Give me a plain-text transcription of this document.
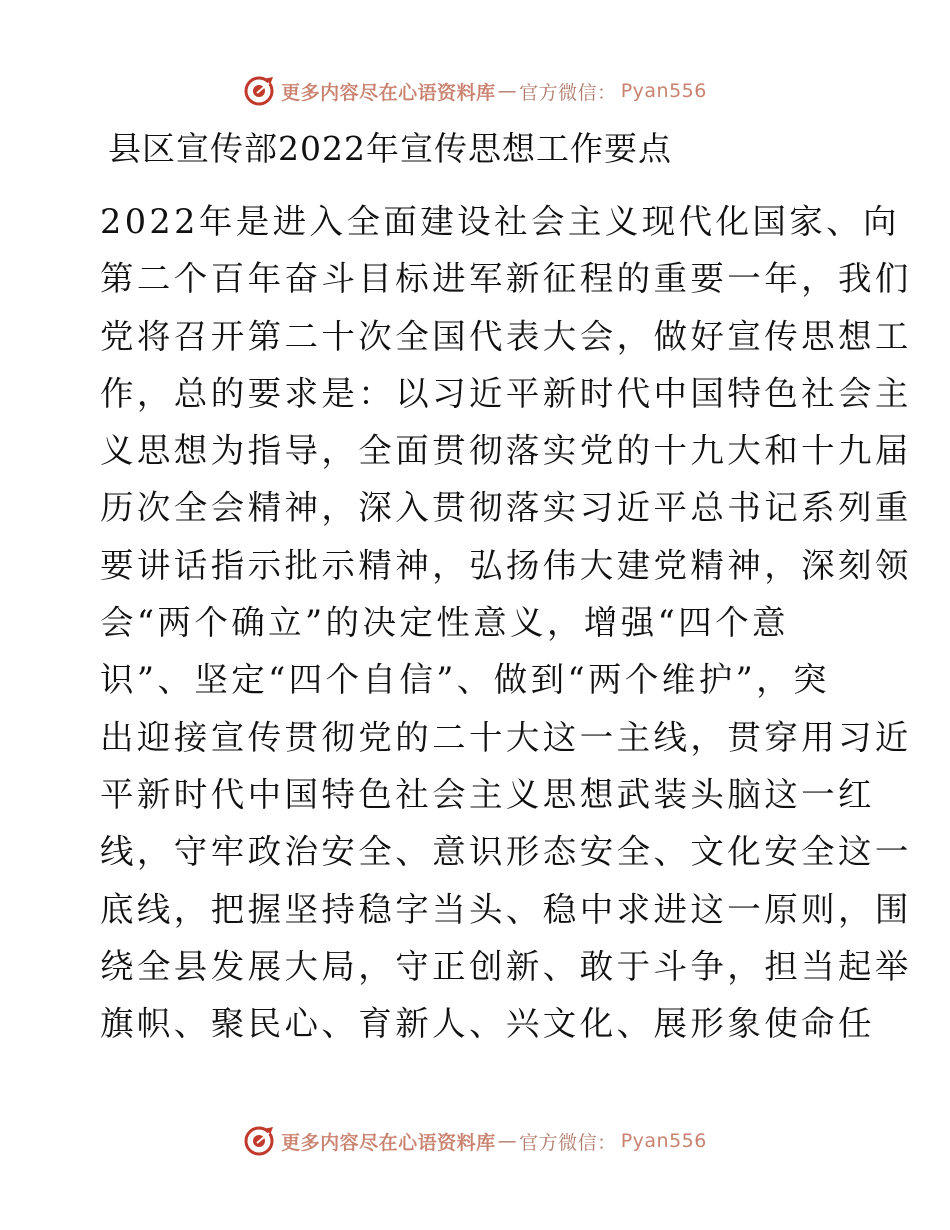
更多内容尽在心语资料库 — 官方微信： Pyan556
县区宣传部2022年宣传思想工作要点
2022年是进入全面建设社会主义现代化国家、向
第二个百年奋斗目标进军新征程的重要一年，我们
党将召开第二十次全国代表大会，做好宣传思想工
作，总的要求是：以习近平新时代中国特色社会主
义思想为指导，全面贯彻落实党的十九大和十九届
历次全会精神，深入贯彻落实习近平总书记系列重
要讲话指示批示精神，弘扬伟大建党精神，深刻领
会“两个确立”的决定性意义，增强“四个意
识”、坚定“四个自信”、做到“两个维护”，突
出迎接宣传贯彻党的二十大这一主线，贯穿用习近
平新时代中国特色社会主义思想武装头脑这一红
线，守牢政治安全、意识形态安全、文化安全这一
底线，把握坚持稳字当头、稳中求进这一原则，围
绕全县发展大局，守正创新、敢于斗争，担当起举
旗帜、聚民心、育新人、兴文化、展形象使命任
更多内容尽在心语资料库 — 官方微信： Pyan556
